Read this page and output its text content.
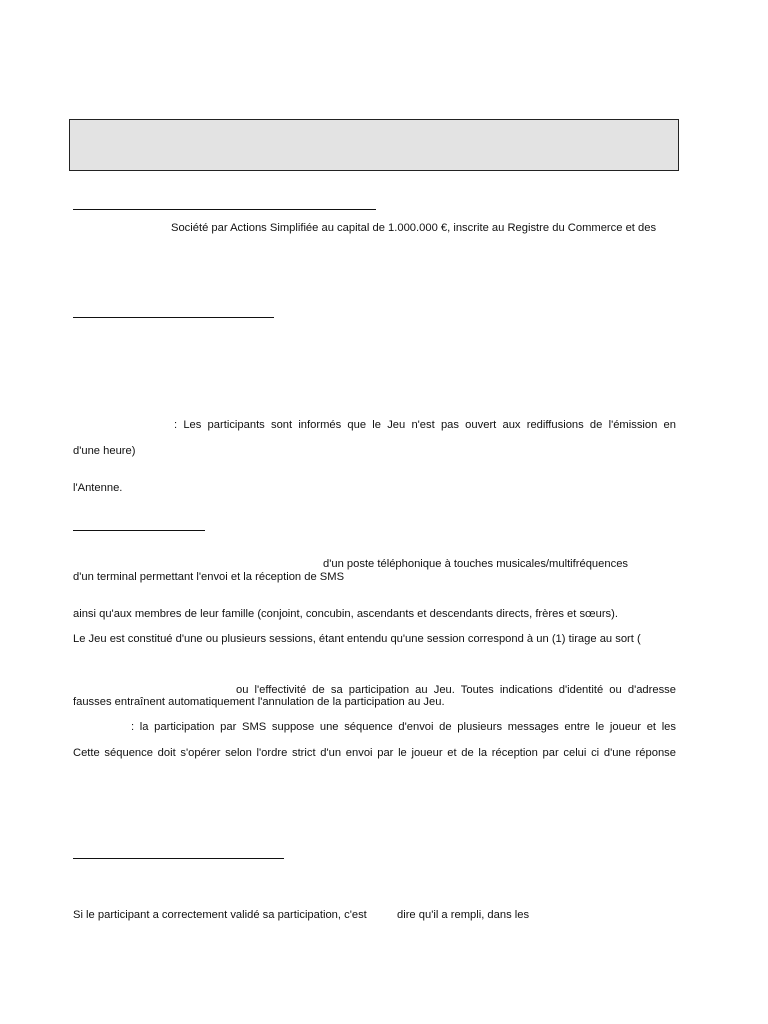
Société par Actions Simplifiée au capital de 1.000.000 €, inscrite au Registre du Commerce et des
: Les participants sont informés que le Jeu n'est pas ouvert aux rediffusions de l'émission en
d'une heure)
l'Antenne.
d'un poste téléphonique à touches musicales/multifréquences
d'un terminal permettant l'envoi et la réception de SMS
ainsi qu'aux membres de leur famille (conjoint, concubin, ascendants et descendants directs, frères et sœurs).
Le Jeu est constitué d'une ou plusieurs sessions, étant entendu qu'une session correspond à un (1) tirage au sort (
ou l'effectivité de sa participation au Jeu. Toutes indications d'identité ou d'adresse
fausses entraînent automatiquement l'annulation de la participation au Jeu.
: la participation par SMS suppose une séquence d'envoi de plusieurs messages entre le joueur et les
Cette séquence doit s'opérer selon l'ordre strict d'un envoi par le joueur et de la réception par celui ci d'une réponse
Si le participant a correctement validé sa participation, c'est	dire qu'il a rempli, dans les
